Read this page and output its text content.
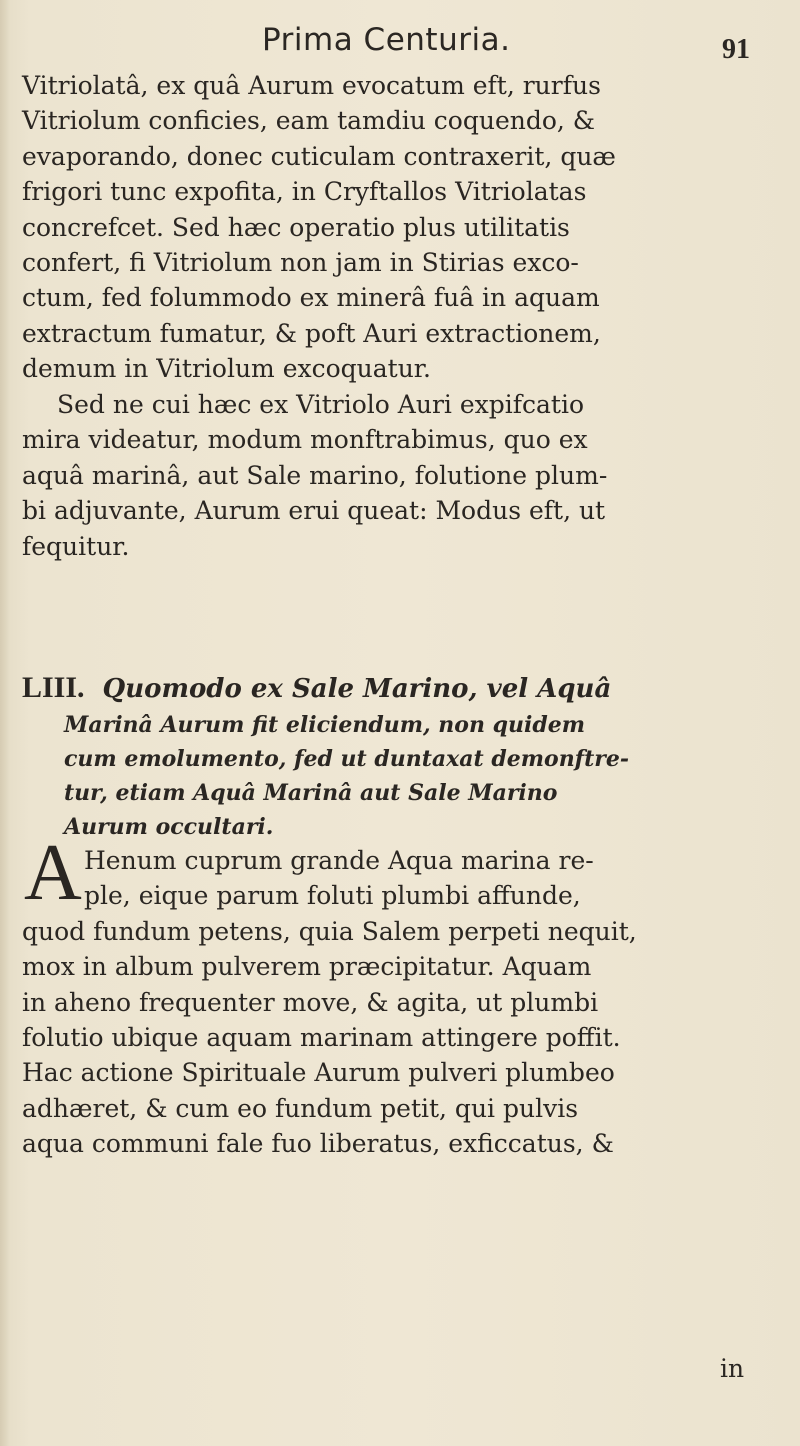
Prima Centuria.	91
Vitriolatâ, ex quâ Aurum evocatum eft, rurfus
Vitriolum conficies, eam tamdiu coquendo, &
evaporando, donec cuticulam contraxerit, quæ
frigori tunc expofita, in Cryftallos Vitriolatas
concrefcet. Sed hæc operatio plus utilitatis
confert, fi Vitriolum non jam in Stirias exco-
ctum, fed folummodo ex minerâ fuâ in aquam
extractum fumatur, & poft Auri extractionem,
demum in Vitriolum excoquatur.
Sed ne cui hæc ex Vitriolo Auri expifcatio
mira videatur, modum monftrabimus, quo ex
aquâ marinâ, aut Sale marino, folutione plum-
bi adjuvante, Aurum erui queat: Modus eft, ut
fequitur.
LIII. Quomodo ex Sale Marino, vel Aquâ
Marinâ Aurum fit eliciendum, non quidem
cum emolumento, fed ut duntaxat demonftre-
tur, etiam Aquâ Marinâ aut Sale Marino
Aurum occultari.
A Henum cuprum grande Aqua marina re-
ple, eique parum foluti plumbi affunde,
quod fundum petens, quia Salem perpeti nequit,
mox in album pulverem præcipitatur. Aquam
in aheno frequenter move, & agita, ut plumbi
folutio ubique aquam marinam attingere poffit.
Hac actione Spirituale Aurum pulveri plumbeo
adhæret, & cum eo fundum petit, qui pulvis
aqua communi fale fuo liberatus, exficcatus, &
in
